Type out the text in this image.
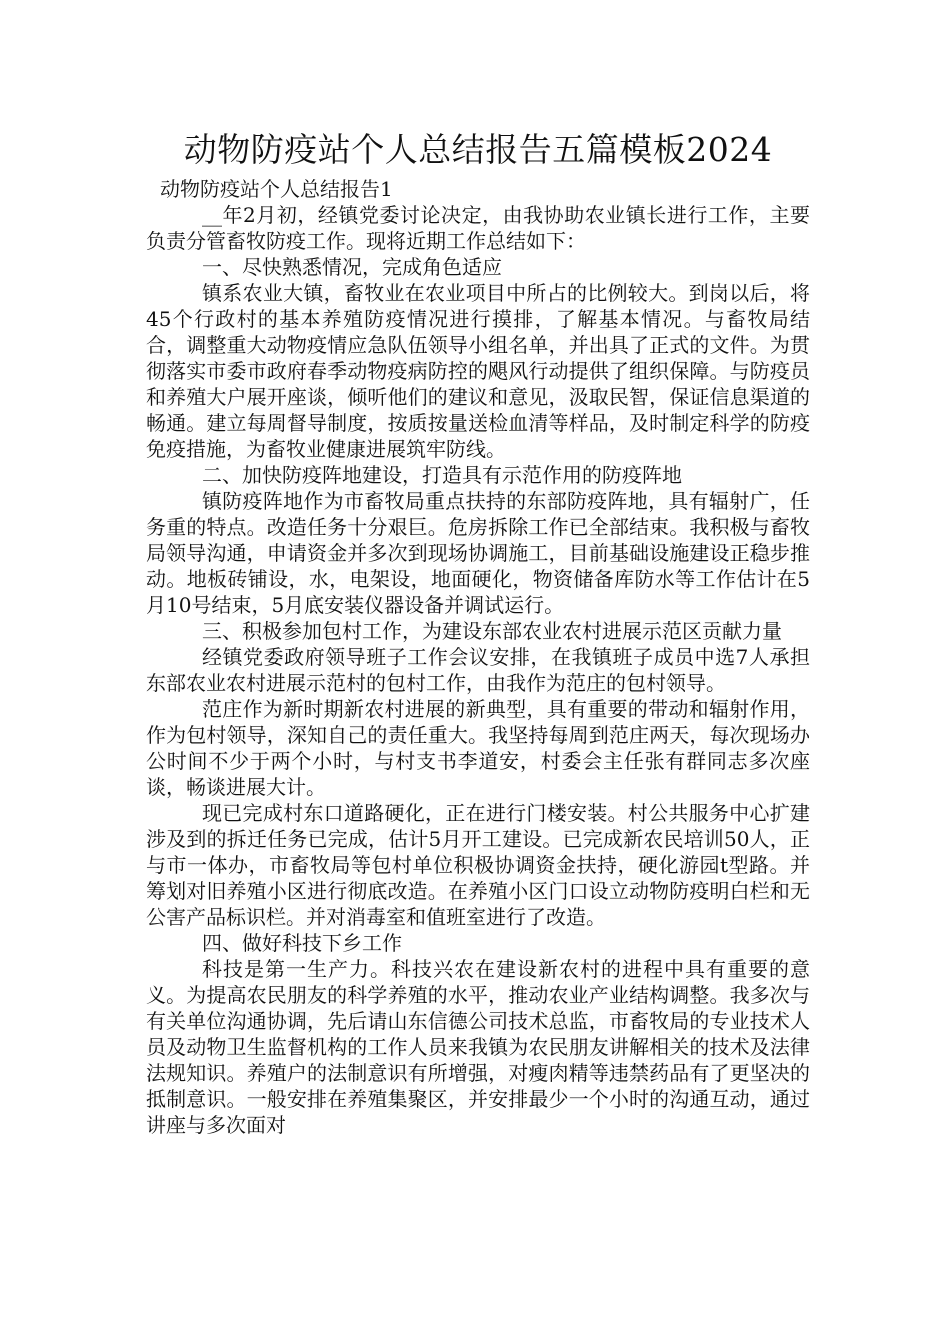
动物防疫站个人总结报告五篇模板2024

动物防疫站个人总结报告1

__年2月初，经镇党委讨论决定，由我协助农业镇长进行工作，主要负责分管畜牧防疫工作。现将近期工作总结如下：

一、尽快熟悉情况，完成角色适应

镇系农业大镇，畜牧业在农业项目中所占的比例较大。到岗以后，将45个行政村的基本养殖防疫情况进行摸排，了解基本情况。与畜牧局结合，调整重大动物疫情应急队伍领导小组名单，并出具了正式的文件。为贯彻落实市委市政府春季动物疫病防控的飓风行动提供了组织保障。与防疫员和养殖大户展开座谈，倾听他们的建议和意见，汲取民智，保证信息渠道的畅通。建立每周督导制度，按质按量送检血清等样品，及时制定科学的防疫免疫措施，为畜牧业健康进展筑牢防线。

二、加快防疫阵地建设，打造具有示范作用的防疫阵地

镇防疫阵地作为市畜牧局重点扶持的东部防疫阵地，具有辐射广，任务重的特点。改造任务十分艰巨。危房拆除工作已全部结束。我积极与畜牧局领导沟通，申请资金并多次到现场协调施工，目前基础设施建设正稳步推动。地板砖铺设，水，电架设，地面硬化，物资储备库防水等工作估计在5月10号结束，5月底安装仪器设备并调试运行。

三、积极参加包村工作，为建设东部农业农村进展示范区贡献力量

经镇党委政府领导班子工作会议安排，在我镇班子成员中选7人承担东部农业农村进展示范村的包村工作，由我作为范庄的包村领导。

范庄作为新时期新农村进展的新典型，具有重要的带动和辐射作用，作为包村领导，深知自己的责任重大。我坚持每周到范庄两天，每次现场办公时间不少于两个小时，与村支书李道安，村委会主任张有群同志多次座谈，畅谈进展大计。

现已完成村东口道路硬化，正在进行门楼安装。村公共服务中心扩建涉及到的拆迁任务已完成，估计5月开工建设。已完成新农民培训50人，正与市一体办，市畜牧局等包村单位积极协调资金扶持，硬化游园t型路。并筹划对旧养殖小区进行彻底改造。在养殖小区门口设立动物防疫明白栏和无公害产品标识栏。并对消毒室和值班室进行了改造。

四、做好科技下乡工作

科技是第一生产力。科技兴农在建设新农村的进程中具有重要的意义。为提高农民朋友的科学养殖的水平，推动农业产业结构调整。我多次与有关单位沟通协调，先后请山东信德公司技术总监，市畜牧局的专业技术人员及动物卫生监督机构的工作人员来我镇为农民朋友讲解相关的技术及法律法规知识。养殖户的法制意识有所增强，对瘦肉精等违禁药品有了更坚决的抵制意识。一般安排在养殖集聚区，并安排最少一个小时的沟通互动，通过讲座与多次面对
